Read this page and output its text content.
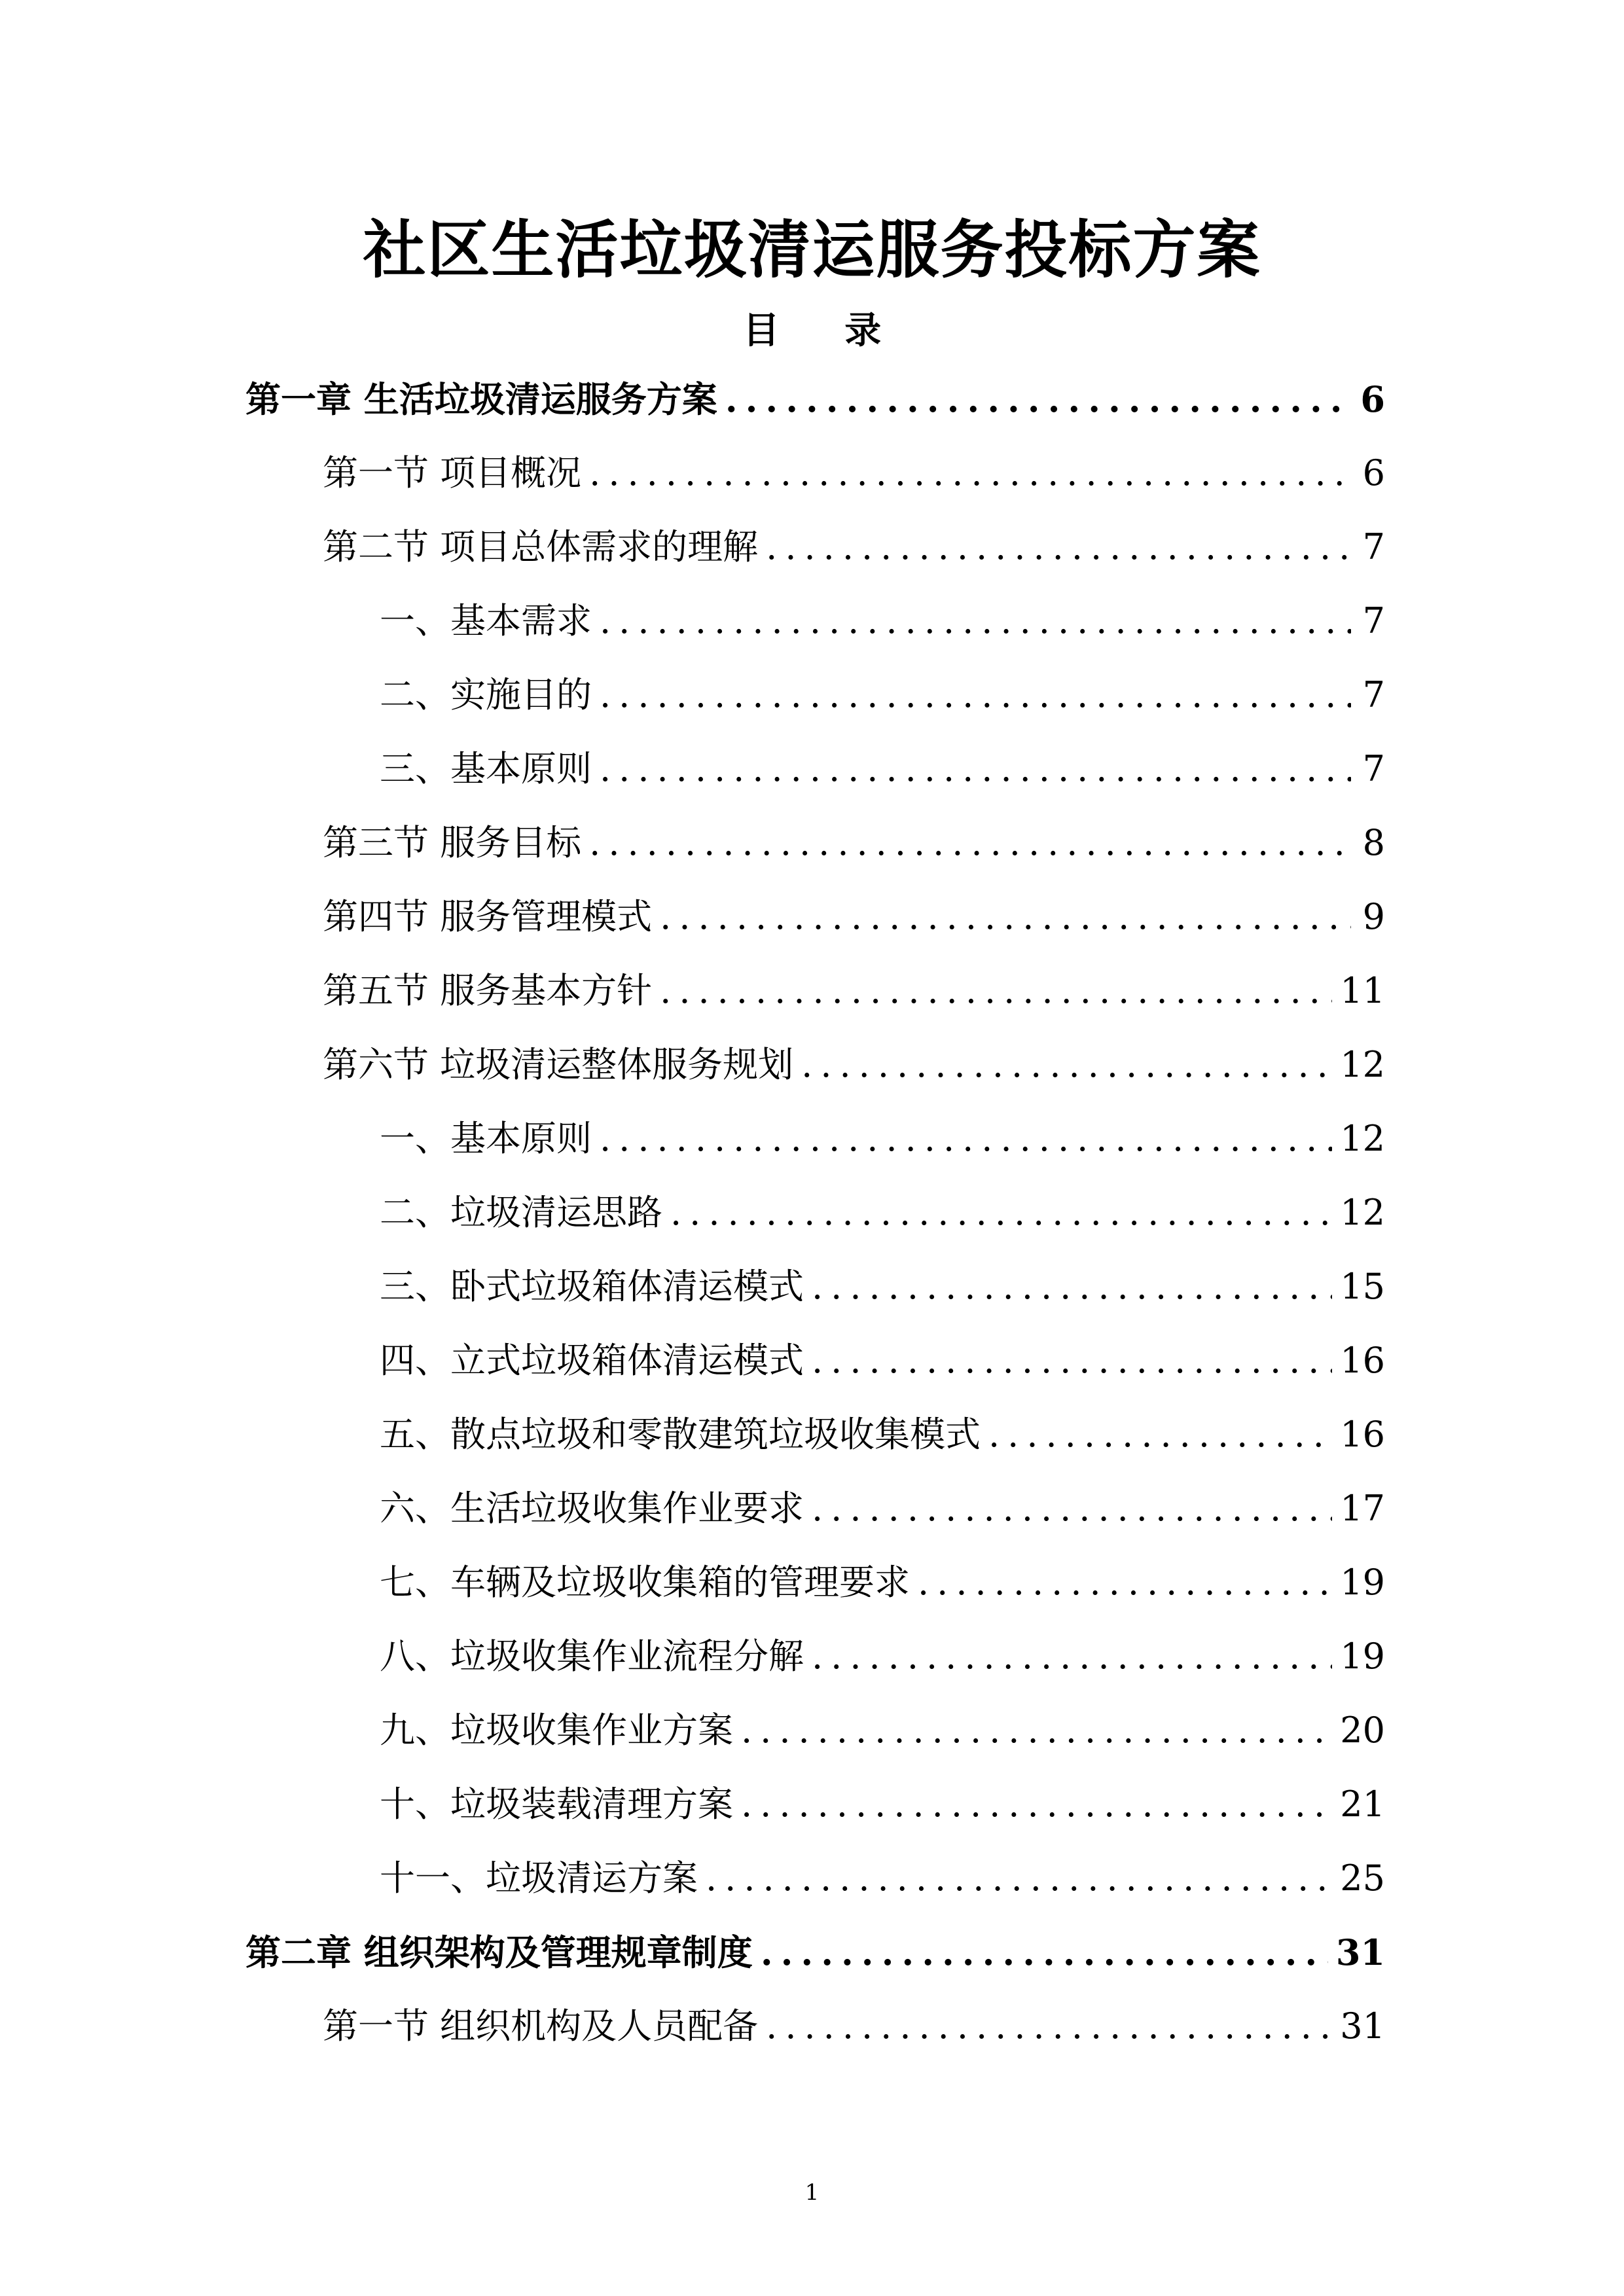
社区生活垃圾清运服务投标方案
目 录
第一章 生活垃圾清运服务方案 .....	6
第一节 项目概况 .....	6
第二节 项目总体需求的理解 .....	7
一、基本需求 .....	7
二、实施目的 .....	7
三、基本原则 .....	7
第三节 服务目标 .....	8
第四节 服务管理模式 .....	9
第五节 服务基本方针 .....	11
第六节 垃圾清运整体服务规划 .....	12
一、基本原则 .....	12
二、垃圾清运思路 .....	12
三、卧式垃圾箱体清运模式 .....	15
四、立式垃圾箱体清运模式 .....	16
五、散点垃圾和零散建筑垃圾收集模式 .....	16
六、生活垃圾收集作业要求 .....	17
七、车辆及垃圾收集箱的管理要求 .....	19
八、垃圾收集作业流程分解 .....	19
九、垃圾收集作业方案 .....	20
十、垃圾装载清理方案 .....	21
十一、垃圾清运方案 .....	25
第二章 组织架构及管理规章制度 .....	31
第一节 组织机构及人员配备 .....	31
1
